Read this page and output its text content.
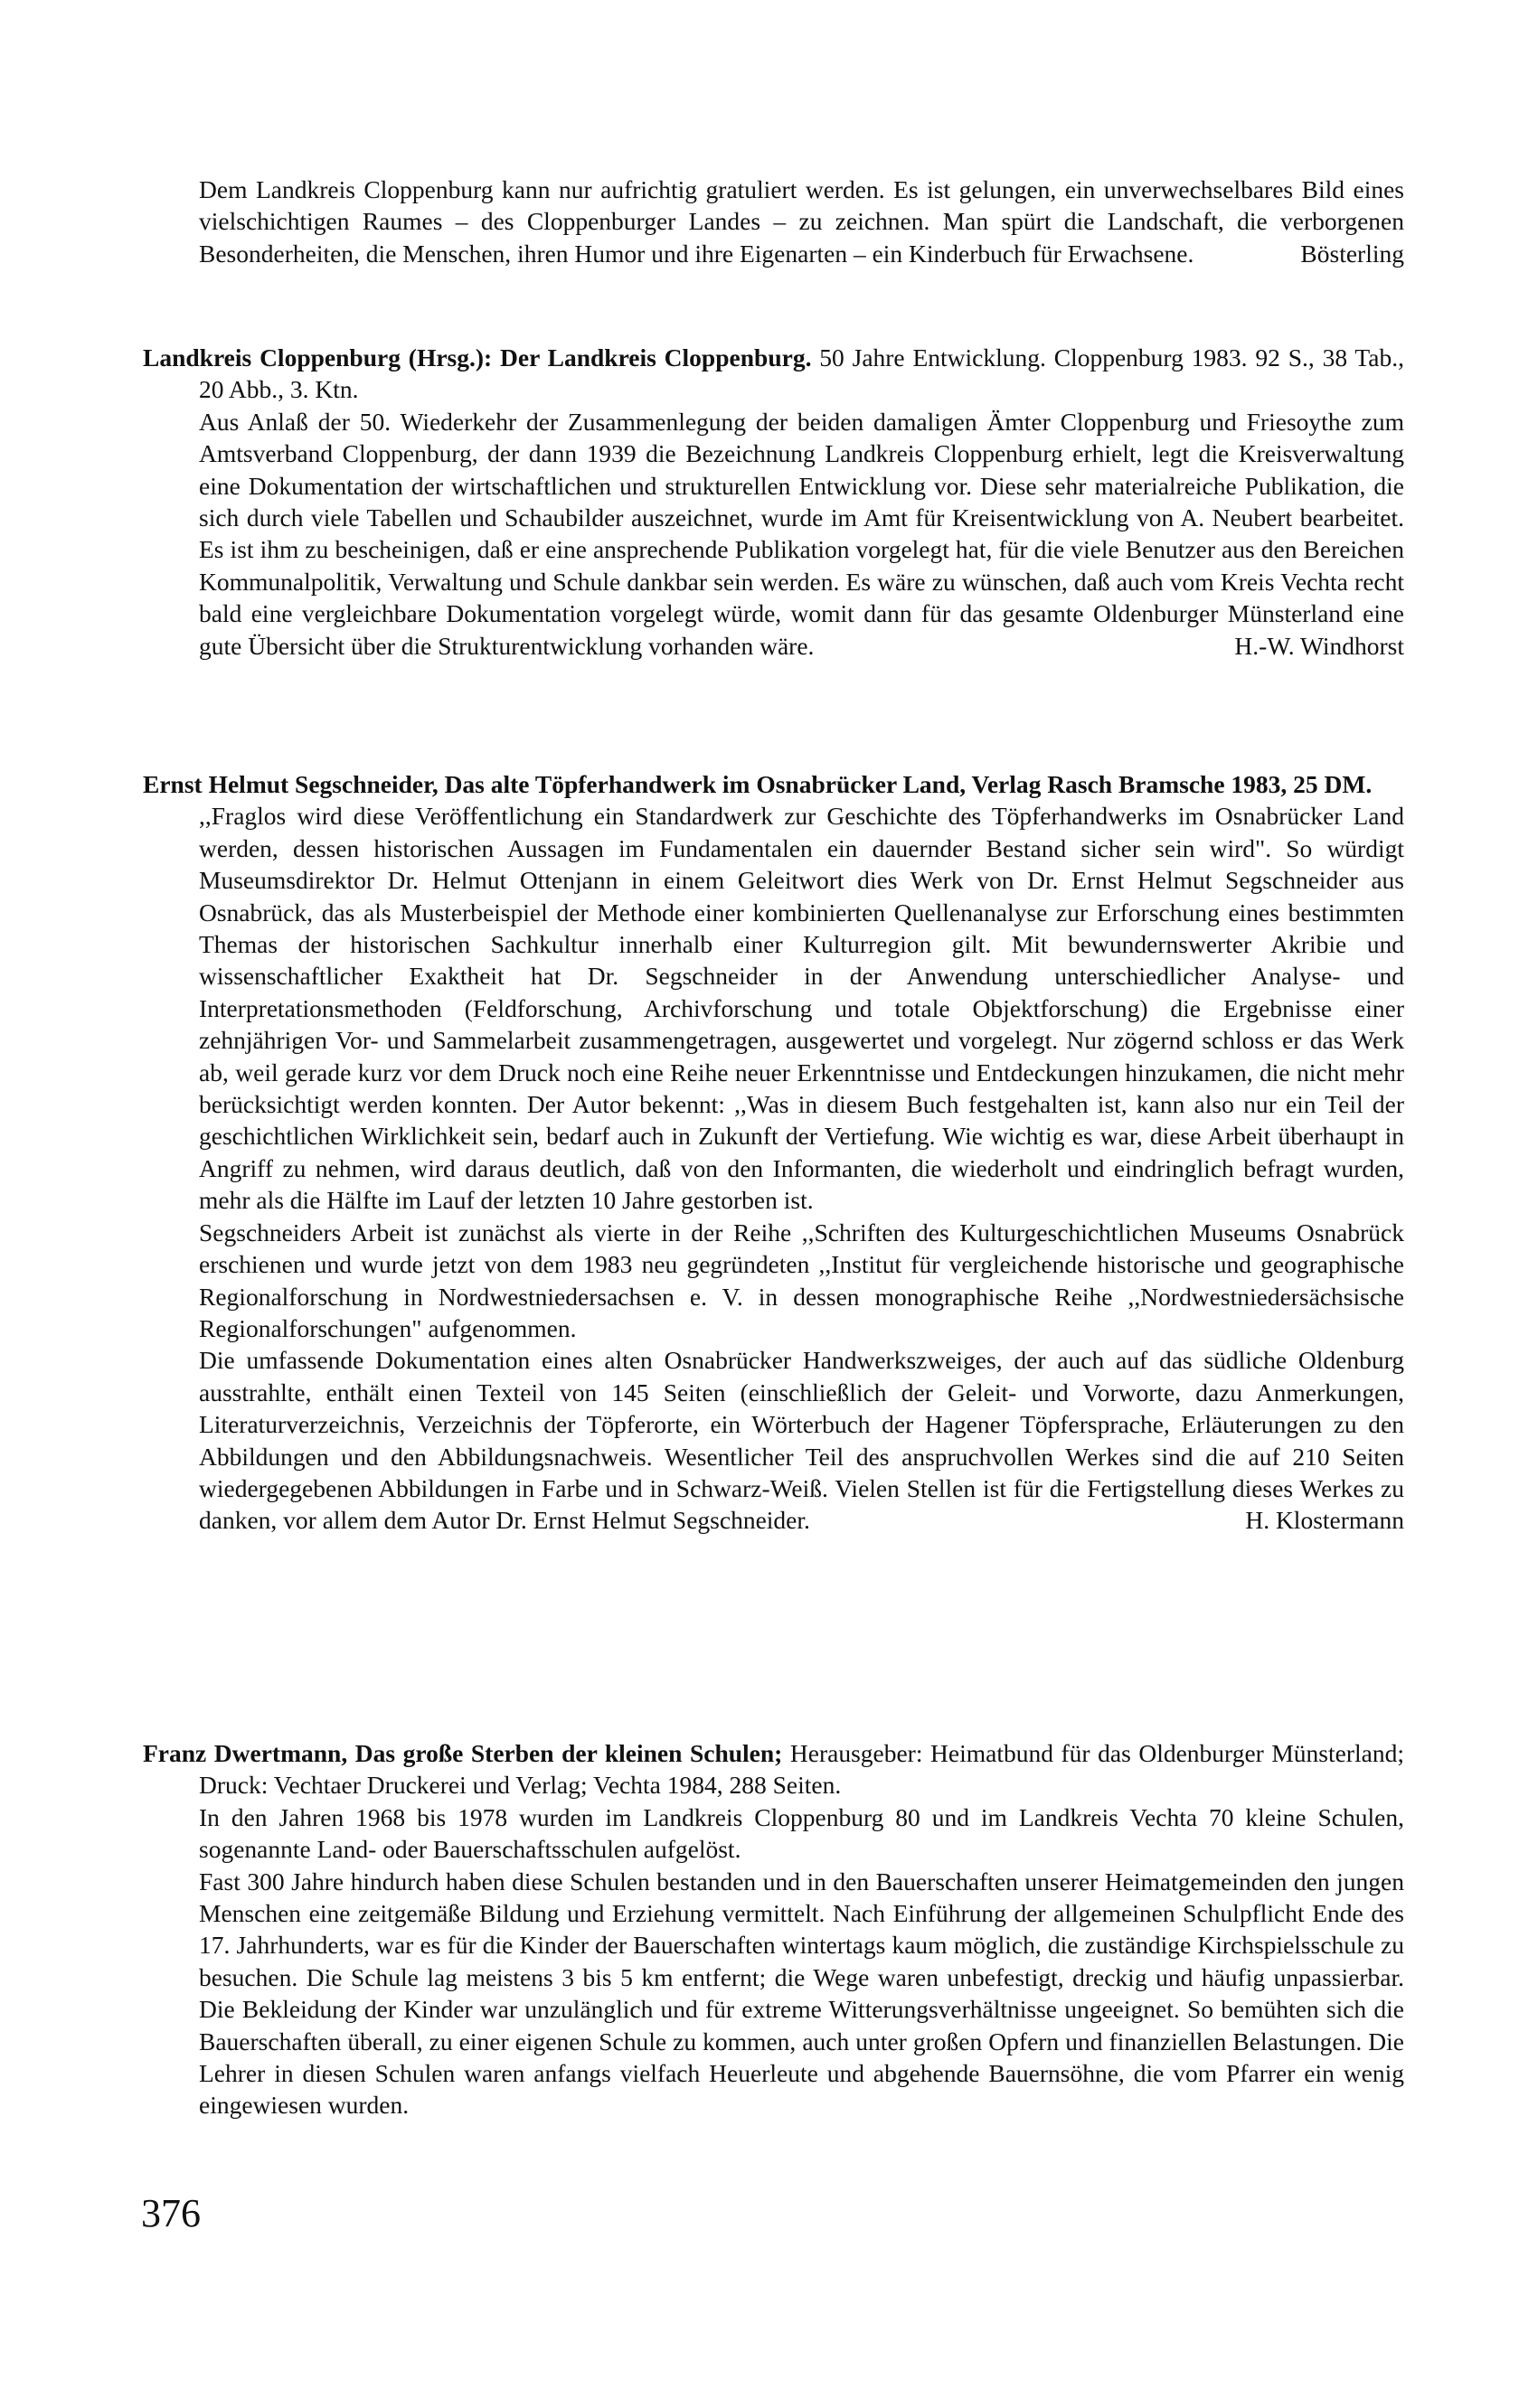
Dem Landkreis Cloppenburg kann nur aufrichtig gratuliert werden. Es ist gelungen, ein unverwechselbares Bild eines vielschichtigen Raumes – des Cloppenburger Landes – zu zeichnen. Man spürt die Landschaft, die verborgenen Besonderheiten, die Menschen, ihren Humor und ihre Eigenarten – ein Kinderbuch für Erwachsene.	Bösterling

Landkreis Cloppenburg (Hrsg.): Der Landkreis Cloppenburg. 50 Jahre Entwicklung. Cloppenburg 1983. 92 S., 38 Tab., 20 Abb., 3. Ktn.

Aus Anlaß der 50. Wiederkehr der Zusammenlegung der beiden damaligen Ämter Cloppenburg und Friesoythe zum Amtsverband Cloppenburg, der dann 1939 die Bezeichnung Landkreis Cloppenburg erhielt, legt die Kreisverwaltung eine Dokumentation der wirtschaftlichen und strukturellen Entwicklung vor. Diese sehr materialreiche Publikation, die sich durch viele Tabellen und Schaubilder auszeichnet, wurde im Amt für Kreisentwicklung von A. Neubert bearbeitet. Es ist ihm zu bescheinigen, daß er eine ansprechende Publikation vorgelegt hat, für die viele Benutzer aus den Bereichen Kommunalpolitik, Verwaltung und Schule dankbar sein werden. Es wäre zu wünschen, daß auch vom Kreis Vechta recht bald eine vergleichbare Dokumentation vorgelegt würde, womit dann für das gesamte Oldenburger Münsterland eine gute Übersicht über die Strukturentwicklung vorhanden wäre.	H.-W. Windhorst

Ernst Helmut Segschneider, Das alte Töpferhandwerk im Osnabrücker Land, Verlag Rasch Bramsche 1983, 25 DM.

,,Fraglos wird diese Veröffentlichung ein Standardwerk zur Geschichte des Töpferhandwerks im Osnabrücker Land werden, dessen historischen Aussagen im Fundamentalen ein dauernder Bestand sicher sein wird". So würdigt Museumsdirektor Dr. Helmut Ottenjann in einem Geleitwort dies Werk von Dr. Ernst Helmut Segschneider aus Osnabrück, das als Musterbeispiel der Methode einer kombinierten Quellenanalyse zur Erforschung eines bestimmten Themas der historischen Sachkultur innerhalb einer Kulturregion gilt. Mit bewundernswerter Akribie und wissenschaftlicher Exaktheit hat Dr. Segschneider in der Anwendung unterschiedlicher Analyse- und Interpretationsmethoden (Feldforschung, Archivforschung und totale Objektforschung) die Ergebnisse einer zehnjährigen Vor- und Sammelarbeit zusammengetragen, ausgewertet und vorgelegt. Nur zögernd schloss er das Werk ab, weil gerade kurz vor dem Druck noch eine Reihe neuer Erkenntnisse und Entdeckungen hinzukamen, die nicht mehr berücksichtigt werden konnten. Der Autor bekennt: ,,Was in diesem Buch festgehalten ist, kann also nur ein Teil der geschichtlichen Wirklichkeit sein, bedarf auch in Zukunft der Vertiefung. Wie wichtig es war, diese Arbeit überhaupt in Angriff zu nehmen, wird daraus deutlich, daß von den Informanten, die wiederholt und eindringlich befragt wurden, mehr als die Hälfte im Lauf der letzten 10 Jahre gestorben ist.

Segschneiders Arbeit ist zunächst als vierte in der Reihe ,,Schriften des Kulturgeschichtlichen Museums Osnabrück erschienen und wurde jetzt von dem 1983 neu gegründeten ,,Institut für vergleichende historische und geographische Regionalforschung in Nordwestniedersachsen e. V. in dessen monographische Reihe ,,Nordwestniedersächsische Regionalforschungen" aufgenommen.

Die umfassende Dokumentation eines alten Osnabrücker Handwerkszweiges, der auch auf das südliche Oldenburg ausstrahlte, enthält einen Texteil von 145 Seiten (einschließlich der Geleit- und Vorworte, dazu Anmerkungen, Literaturverzeichnis, Verzeichnis der Töpferorte, ein Wörterbuch der Hagener Töpfersprache, Erläuterungen zu den Abbildungen und den Abbildungsnachweis. Wesentlicher Teil des anspruchvollen Werkes sind die auf 210 Seiten wiedergegebenen Abbildungen in Farbe und in Schwarz-Weiß. Vielen Stellen ist für die Fertigstellung dieses Werkes zu danken, vor allem dem Autor Dr. Ernst Helmut Segschneider.	H. Klostermann

Franz Dwertmann, Das große Sterben der kleinen Schulen; Herausgeber: Heimatbund für das Oldenburger Münsterland; Druck: Vechtaer Druckerei und Verlag; Vechta 1984, 288 Seiten.

In den Jahren 1968 bis 1978 wurden im Landkreis Cloppenburg 80 und im Landkreis Vechta 70 kleine Schulen, sogenannte Land- oder Bauerschaftsschulen aufgelöst.

Fast 300 Jahre hindurch haben diese Schulen bestanden und in den Bauerschaften unserer Heimatgemeinden den jungen Menschen eine zeitgemäße Bildung und Erziehung vermittelt. Nach Einführung der allgemeinen Schulpflicht Ende des 17. Jahrhunderts, war es für die Kinder der Bauerschaften wintertags kaum möglich, die zuständige Kirchspielsschule zu besuchen. Die Schule lag meistens 3 bis 5 km entfernt; die Wege waren unbefestigt, dreckig und häufig unpassierbar. Die Bekleidung der Kinder war unzulänglich und für extreme Witterungsverhältnisse ungeeignet. So bemühten sich die Bauerschaften überall, zu einer eigenen Schule zu kommen, auch unter großen Opfern und finanziellen Belastungen. Die Lehrer in diesen Schulen waren anfangs vielfach Heuerleute und abgehende Bauernsöhne, die vom Pfarrer ein wenig eingewiesen wurden.

376
